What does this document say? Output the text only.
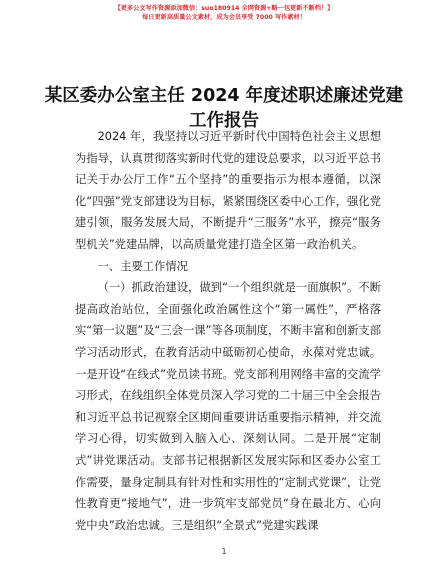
【更多公文写作资源添加微信：suo180914 全网资源+略一包更新不断档！】
每日更新高质量公文素材，成为会员享受 7000 写作素材！
某区委办公室主任 2024 年度述职述廉述党建工作报告

2024 年，我坚持以习近平新时代中国特色社会主义思想为指导，认真贯彻落实新时代党的建设总要求，以习近平总书记关于办公厅工作“五个坚持”的重要指示为根本遵循，以深化“四强”党支部建设为目标，紧紧围绕区委中心工作，强化党建引领，服务发展大局，不断提升“三服务”水平，擦亮“服务型机关”党建品牌，以高质量党建打造全区第一政治机关。

一、主要工作情况

（一）抓政治建设，做到“一个组织就是一面旗帜”。不断提高政治站位，全面强化政治属性这个“第一属性”，严格落实“第一议题”及“三会一课”等各项制度，不断丰富和创新支部学习活动形式，在教育活动中砥砺初心使命，永葆对党忠诚。一是开设“在线式”党员读书班。党支部利用网络丰富的交流学习形式，在线组织全体党员深入学习党的二十届三中全会报告和习近平总书记视察全区期间重要讲话重要指示精神，并交流学习心得，切实做到入脑入心、深刻认同。二是开展“定制式”讲党课活动。支部书记根据新区发展实际和区委办公室工作需要，量身定制具有针对性和实用性的“定制式党课”，让党性教育更“接地气”，进一步筑牢支部党员“身在最北方、心向党中央”政治忠诚。三是组织“全景式”党建实践课

1
